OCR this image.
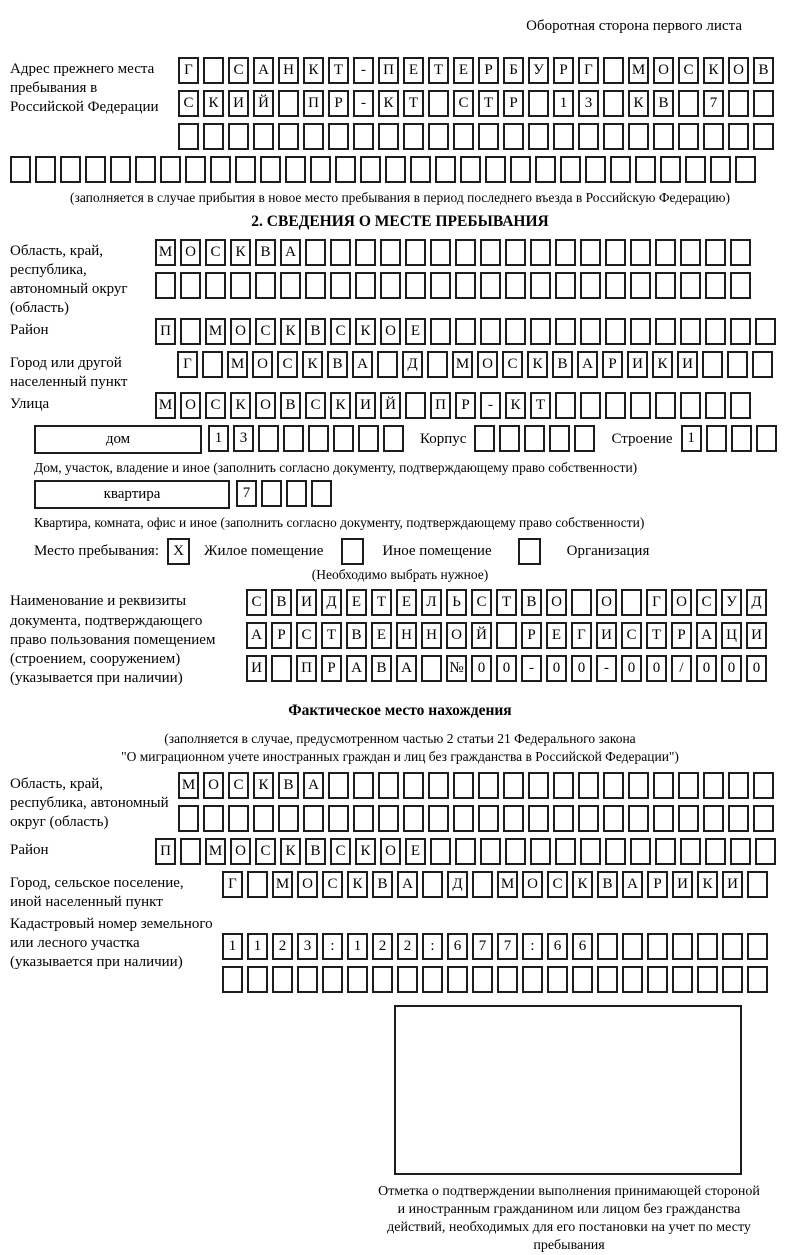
Оборотная сторона первого листа
Адрес прежнего места пребывания в Российской Федерации
Г	С А Н К Т - П Е Т Е Р Б У Р Г	М О С К О В
С К И Й	П Р - К Т	С Т Р	1 3	К В	7
(заполняется в случае прибытия в новое место пребывания в период последнего въезда в Российскую Федерацию)
2. СВЕДЕНИЯ О МЕСТЕ ПРЕБЫВАНИЯ
Область, край, республика, автономный округ (область)
М О С К В А
Район	П	М О С К В С К О Е
Город или другой населенный пункт
Г	М О С К В А	Д	М О С К В А Р И К И
Улица	М О С К О В С К И Й	П Р - К Т
дом	1 3	Корпус	Строение 1
Дом, участок, владение и иное (заполнить согласно документу, подтверждающему право собственности)
квартира	7
Квартира, комната, офис и иное (заполнить согласно документу, подтверждающему право собственности)
Место пребывания: X	Жилое помещение	Иное помещение	Организация
(Необходимо выбрать нужное)
Наименование и реквизиты документа, подтверждающего право пользования помещением (строением, сооружением) (указывается при наличии)
С В И Д Е Т Е Л Ь С Т В О	О	Г О С У Д
А Р С Т В Е Н Н О Й	Р Е Г И С Т Р А Ц И
И	П Р А В А № 0 0 - 0 0 - 0 0 / 0 0 0
Фактическое место нахождения
(заполняется в случае, предусмотренном частью 2 статьи 21 Федерального закона
"О миграционном учете иностранных граждан и лиц без гражданства в Российской Федерации")
Область, край, республика, автономный округ (область)
М О С К В А
Район	П	М О С К В С К О Е
Город, сельское поселение, иной населенный пункт
Г	М О С К В А	Д	М О С К В А Р И К И
Кадастровый номер земельного или лесного участка (указывается при наличии)
1 1 2 3 : 1 2 2 : 6 7 7 : 6 6
Отметка о подтверждении выполнения принимающей стороной и иностранным гражданином или лицом без гражданства действий, необходимых для его постановки на учет по месту пребывания
